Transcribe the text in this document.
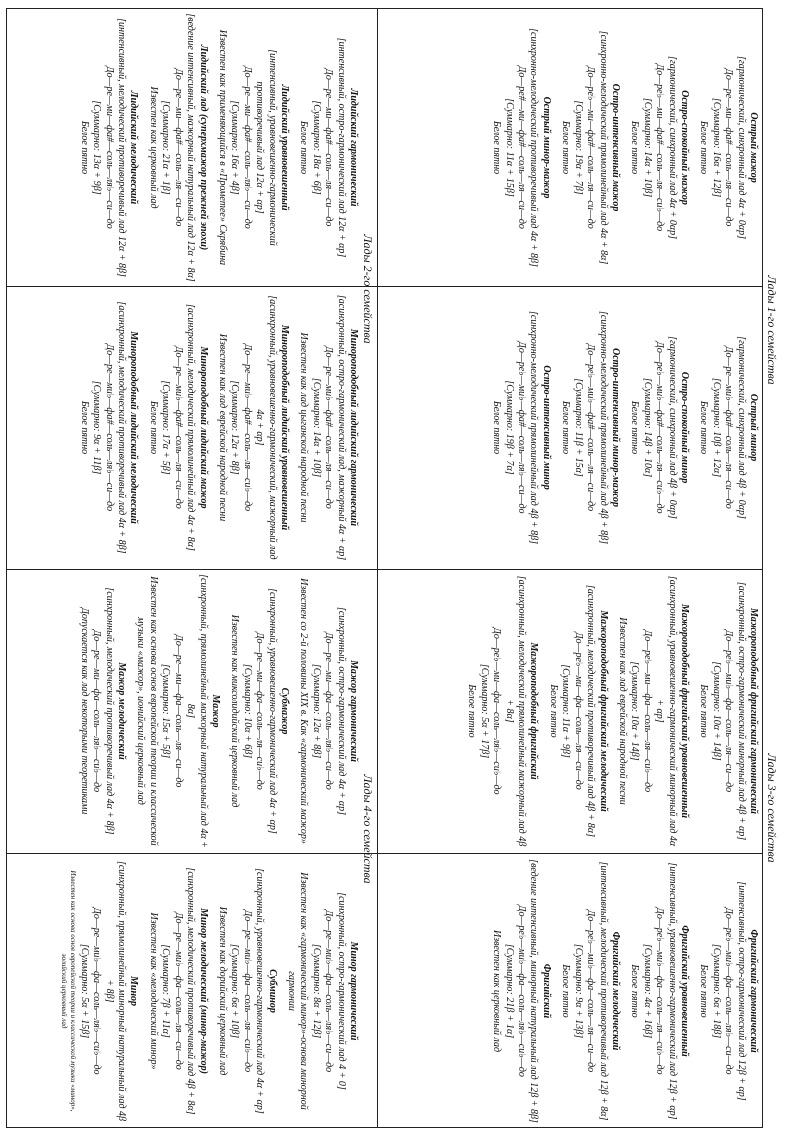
Лады 1-го семейства
Лады 3-го семейства
Лады 2-го семейства
Лады 4-го семейства
Острый мажор
[гармонический, синхронный лад 4α + 0αр]
До—ре—ми—фа#—соль—ля—си—до
[Суммарно: 16α + 12β]
Белое пятно
Остро-спокойный мажор
[гармонический, синхронный лад 4α + 0αр]
До—ре♭—ми—фа#—соль—ля—си♭—до
[Суммарно: 14α + 10β]
Белое пятно
Остро-интенсивный мажор
[синхронно-мелодический прямолинейный лад 4α + 8α]
До—ре♭—ми—фа#—соль—ля—си—до
[Суммарно: 19α + 7β]
Белое пятно
Острый минор-мажор
[синхронно-мелодический противоречивый лад 4α + 8β]
До—ре#—ми—фа#—соль—ля—си—до
[Суммарно: 11α + 15β]
Белое пятно
Острый минор
[гармонический, синхронный лад 4β + 0αр]
До—ре—ми♭—фа#—соль—ля—си—до
[Суммарно: 10β + 12α]
Белое пятно
Остро-спокойный минор
[гармонический, синхронный лад 4β + 0αр]
До—ре♭—ми♭—фа#—соль—ля—си♭—до
[Суммарно: 14β + 10α]
Белое пятно
Остро-интенсивный минор-мажор
[синхронно-мелодический прямолинейный лад 4β + 8β]
До—ре♭—ми♭—фа#—соль—ля—си—до
[Суммарно: 11β + 15α]
Белое пятно
Остро-интенсивный минор
[синхронно-мелодический прямолинейный лад 4β + 8β]
До—ре♭—ми♭—фа#—соль—ля♭—си—до
[Суммарно: 19β + 7α]
Белое пятно
Мажороподобный фригийский гармонический
[асинхронный, остро-гармонический минорный лад 4β + αр]
До—ре♭—ми♭—фа—соль—ля—си—до
[Суммарно: 10α + 14β]
Белое пятно
Мажороподобный фригийский уравновешенный
[асинхронный, уравновешенно-гармонический минорный лад 4α + αр]
До—ре♭—ми—фа—соль—ля—си♭—до
[Суммарно: 10α + 14β]
Известен как лад еврейской народной песни
Мажороподобный фригийский мелодический
[асинхронный, мелодический противоречивый лад 4β + 8α]
До—ре♭—ми—фа—соль—ля—си—до
[Суммарно: 11α + 9β]
Белое пятно
Мажороподобный фригийский
[асинхронный, мелодический прямолинейный мажорный лад 4β + 8α]
До—ре♭—ми—фа—соль—ля♭—си♭—до
[Суммарно: 5α + 17β]
Белое пятно
Фригийский гармонический
[интенсивный, остро-гармонический лад 12β + αр]
До—ре♭—ми♭—фа—соль—ля♭—си—до
[Суммарно: 6α + 18β]
Белое пятно
Фригийский уравновешенный
[интенсивный, уравновешенно-гармонический лад 12β + αр]
До—ре♭—ми♭—фа—соль—ля—си♭—до
[Суммарно: 4α + 16β]
Белое пятно
Фригийский мелодический
[интенсивный, мелодический противоречивый лад 12β + 8α]
До—ре♭—ми♭—фа—соль—ля—си—до
[Суммарно: 9α + 13β]
Белое пятно
Фригийский
[ведение интенсивный, минорный натуральный лад 12β + 8β]
До—ре♭—ми♭—фа—соль—ля♭—си♭—до
[Суммарно: 21β + 1α]
Известен как церковный лад
Лидийский гармонический
[интенсивный, остро-гармонический лад 12α + αр]
До—ре—ми—фа#—соль—ля—си—до
[Суммарно: 18α + 6β]
Белое пятно
Лидийский уравновешенный
[интенсивный, уравновешенно-гармонический противоречивый лад 12α + αр]
До—ре—ми—фа#—соль—ля♭—си—до
[Суммарно: 16α + 4β]
Известен как применяющийся в «Прометее» Скрябина
Лидийский лад (суперхмажор прежней эпохи)
[ведение интенсивный, мажорный натуральный лад 12α + 8α]
До—ре—ми—фа#—соль—ля—си—до
[Суммарно: 21α + 1β]
Известен как церковный лад
Лидийский мелодический
[интенсивный, мелодический противоречивый лад 12α + 8β]
До—ре—ми—фа#—соль—ля♭—си—до
[Суммарно: 13α + 9β]
Белое пятно
Минороподобный лидийский гармонический
[асинхронный, остро-гармонический лад, мажорный 4α + αр]
До—ре—ми♭—фа#—соль—ля—си—до
[Суммарно: 14α + 10β]
Известен как лад цыганской народной песни
Минороподобный лидийский уравновешенный
[асинхронный, уравновешенно-гармонический, мажорный лад 4α + αр]
До—ре—ми♭—фа#—соль—ля—си♭—до
[Суммарно: 12α + 8β]
Известен как лад еврейской народной песни
Минороподобный лидийский мажор
[асинхронный, мелодический прямолинейный лад 4α + 8α]
До—ре—ми♭—фа#—соль—ля—си—до
[Суммарно: 17α + 5β]
Белое пятно
Минороподобный лидийский мелодический
[асинхронный, мелодический противоречивый лад 4α + 8β]
До—ре—ми♭—фа#—соль—ля♭—си—до
[Суммарно: 9α + 11β]
Белое пятно
Мажор гармонический
[синхронный, остро-гармонический лад 4α + αр]
До—ре—ми—фа—соль—ля♭—си—до
[Суммарно: 12α + 8β]
Известен со 2-й половины XIX в. Как «гармонический мажор»
Субмажор
[синхронный, уравновешенно-гармонический лад 4α + αр]
До—ре—ми—фа—соль—ля—си♭—до
[Суммарно: 10α + 6β]
Известен как миксолидийский церковный лад
Мажор
[синхронный, прямолинейный мажорный натуральный лад 4α + 8α]
До—ре—ми—фа—соль—ля—си—до
[Суммарно: 15α + 5β]
Известен как основа основ европейской теории и классической музыки «мажор», ионийский церковный лад
Мажор мелодический
[синхронный, мелодический противоречивый лад 4α + 8β]
До—ре—ми—фа—соль—ля♭—си♭—до
Допускается как лад некоторыми теоретиками
Минор гармонический
[синхронный, остро-гармонический лад 4 + 0]
До—ре—ми♭—фа—соль—ля♭—си—до
[Суммарно: 8α + 12β]
Известен как «гармонический минор»-основа минорной гармонии
Субминор
[синхронный, уравновешенно-гармонический лад 4α + αр]
До—ре—ми♭—фа—соль—ля—си♭—до
[Суммарно: 6α + 10β]
Известен как дорийский церковный лад
Минор мелодический (минор-мажор)
[синхронный, мелодический противоречивый лад 4β + 8α]
До—ре—ми♭—фа—соль—ля—си—до
[Суммарно: 7β + 11α]
Известен как «мелодический минор»
Минор
[синхронный, прямолинейный минорный натуральный лад 4β + 8β]
До—ре—ми♭—фа—соль—ля♭—си♭—до
[Суммарно: 5α + 15β]
Известен как основа основ европейской теории и классической музыки «минор», эолийский церковный лад
